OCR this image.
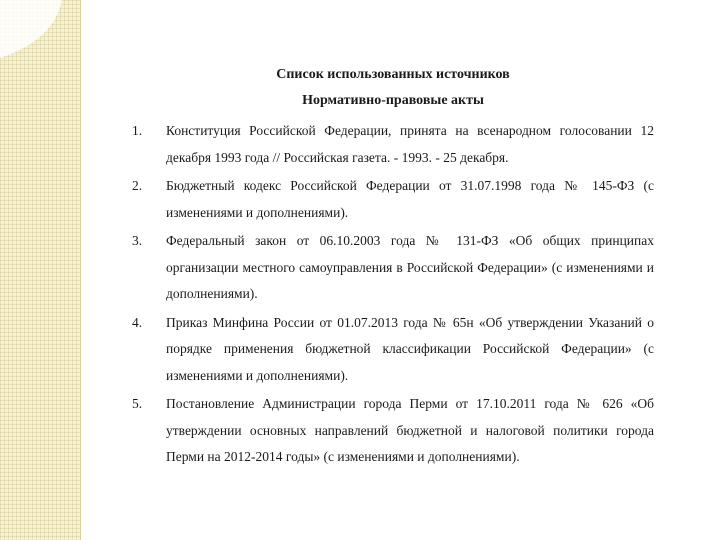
Список использованных источников
Нормативно-правовые акты
1.	Конституция Российской Федерации, принята на всенародном голосовании 12 декабря 1993 года // Российская газета. - 1993. - 25 декабря.
2.	Бюджетный кодекс Российской Федерации от 31.07.1998 года № 145-ФЗ (с изменениями и дополнениями).
3.	Федеральный закон от 06.10.2003 года № 131-ФЗ «Об общих принципах организации местного самоуправления в Российской Федерации» (с изменениями и дополнениями).
4.	Приказ Минфина России от 01.07.2013 года № 65н «Об утверждении Указаний о порядке применения бюджетной классификации Российской Федерации» (с изменениями и дополнениями).
5.	Постановление Администрации города Перми от 17.10.2011 года № 626 «Об утверждении основных направлений бюджетной и налоговой политики города Перми на 2012-2014 годы» (с изменениями и дополнениями).
